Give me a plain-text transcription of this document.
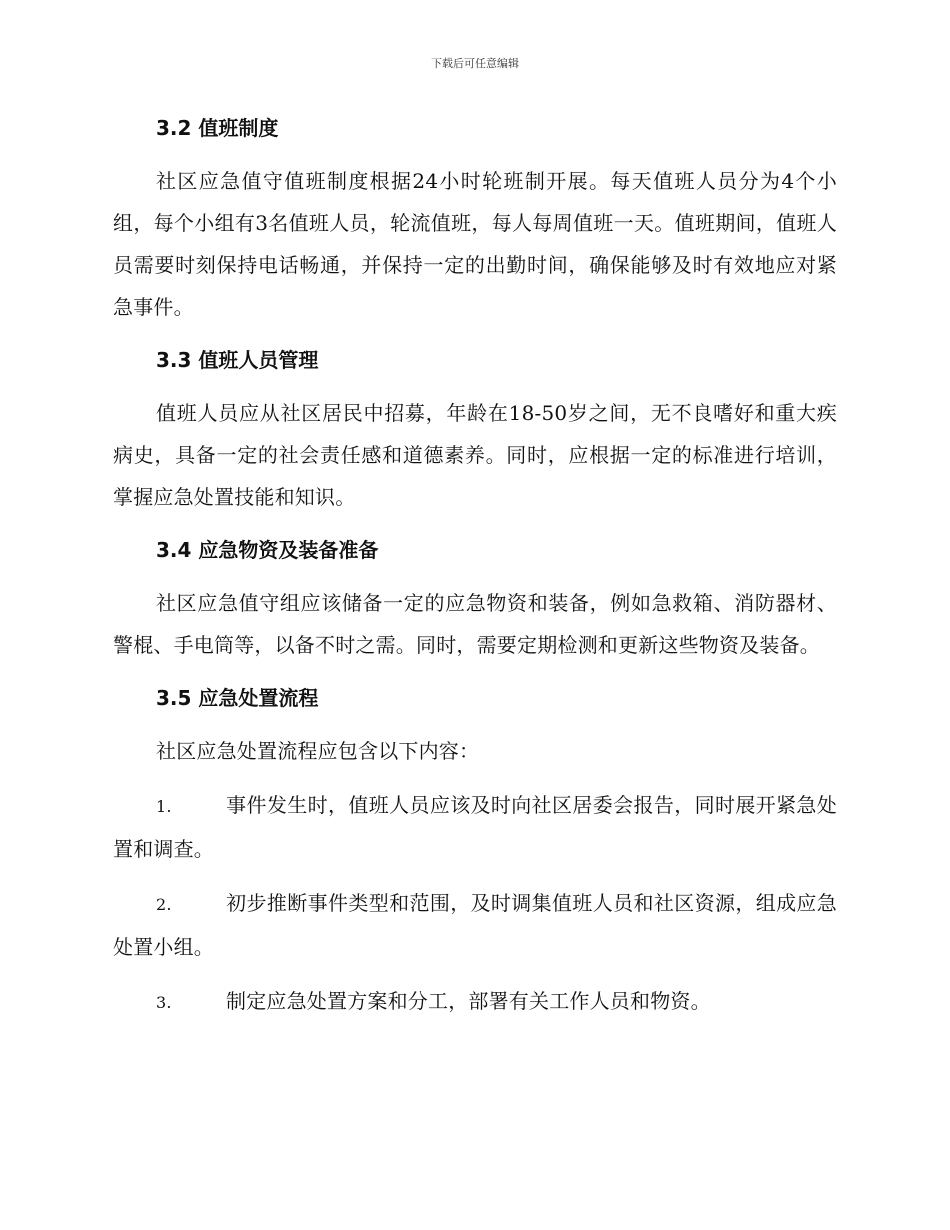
下载后可任意编辑
3.2 值班制度

社区应急值守值班制度根据24小时轮班制开展。每天值班人员分为4个小组，每个小组有3名值班人员，轮流值班，每人每周值班一天。值班期间，值班人员需要时刻保持电话畅通，并保持一定的出勤时间，确保能够及时有效地应对紧急事件。

3.3 值班人员管理

值班人员应从社区居民中招募，年龄在18-50岁之间，无不良嗜好和重大疾病史，具备一定的社会责任感和道德素养。同时，应根据一定的标准进行培训，掌握应急处置技能和知识。

3.4 应急物资及装备准备

社区应急值守组应该储备一定的应急物资和装备，例如急救箱、消防器材、警棍、手电筒等，以备不时之需。同时，需要定期检测和更新这些物资及装备。

3.5 应急处置流程

社区应急处置流程应包含以下内容：

1.	事件发生时，值班人员应该及时向社区居委会报告，同时展开紧急处置和调查。

2.	初步推断事件类型和范围，及时调集值班人员和社区资源，组成应急处置小组。

3.	制定应急处置方案和分工，部署有关工作人员和物资。
